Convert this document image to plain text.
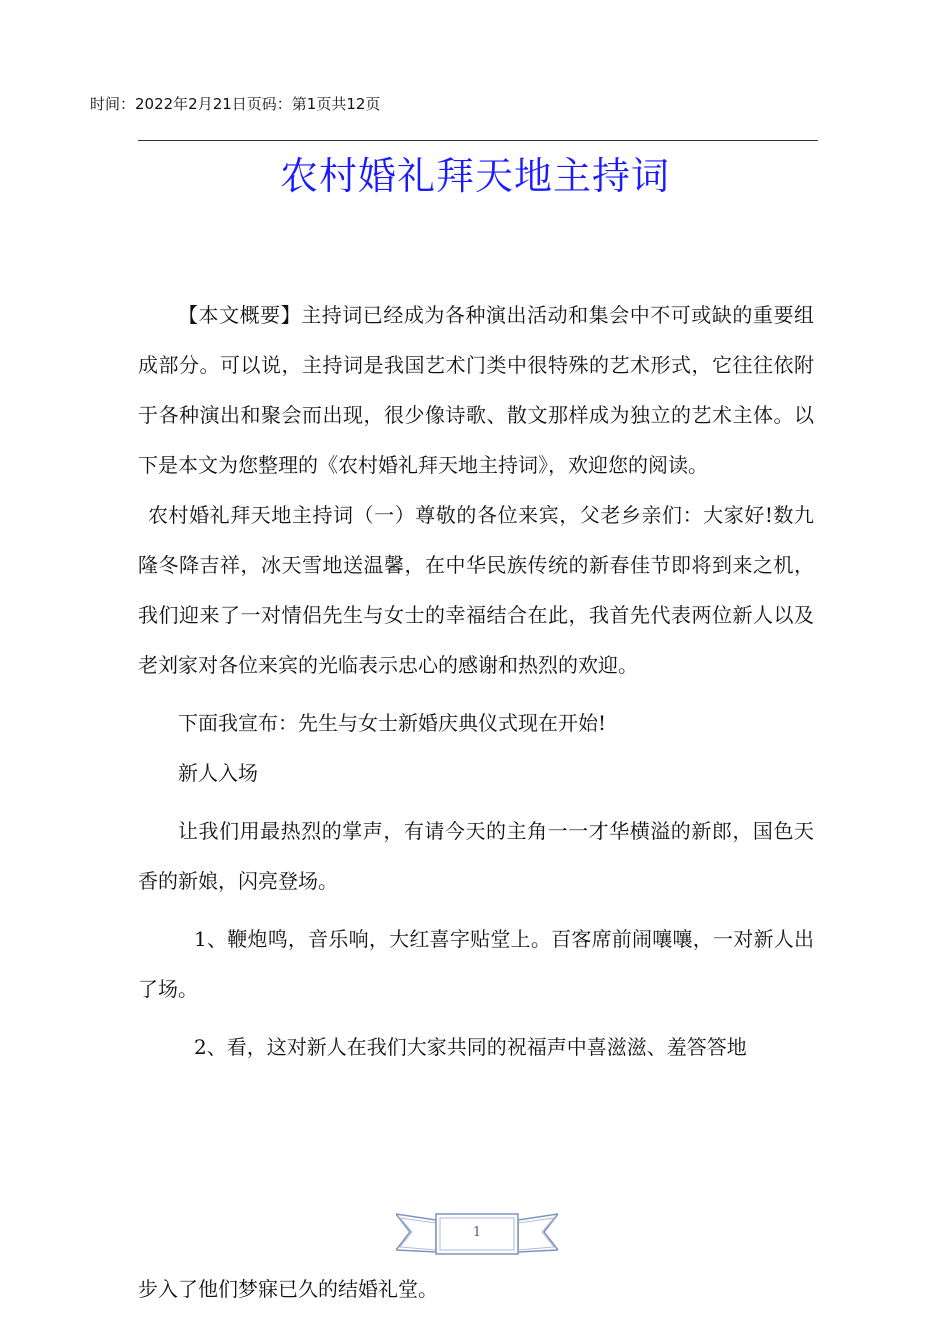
时间：2022年2月21日页码：第1页共12页
农村婚礼拜天地主持词

【本文概要】主持词已经成为各种演出活动和集会中不可或缺的重要组成部分。可以说，主持词是我国艺术门类中很特殊的艺术形式，它往往依附于各种演出和聚会而出现，很少像诗歌、散文那样成为独立的艺术主体。以下是本文为您整理的《农村婚礼拜天地主持词》，欢迎您的阅读。

农村婚礼拜天地主持词（一）尊敬的各位来宾，父老乡亲们：大家好!数九隆冬降吉祥，冰天雪地送温馨，在中华民族传统的新春佳节即将到来之机，我们迎来了一对情侣先生与女士的幸福结合在此，我首先代表两位新人以及老刘家对各位来宾的光临表示忠心的感谢和热烈的欢迎。

下面我宣布：先生与女士新婚庆典仪式现在开始!

新人入场

让我们用最热烈的掌声，有请今天的主角一一才华横溢的新郎，国色天香的新娘，闪亮登场。

1、鞭炮鸣，音乐响，大红喜字贴堂上。百客席前闹嚷嚷，一对新人出了场。

2、看，这对新人在我们大家共同的祝福声中喜滋滋、羞答答地

1

步入了他们梦寐已久的结婚礼堂。
